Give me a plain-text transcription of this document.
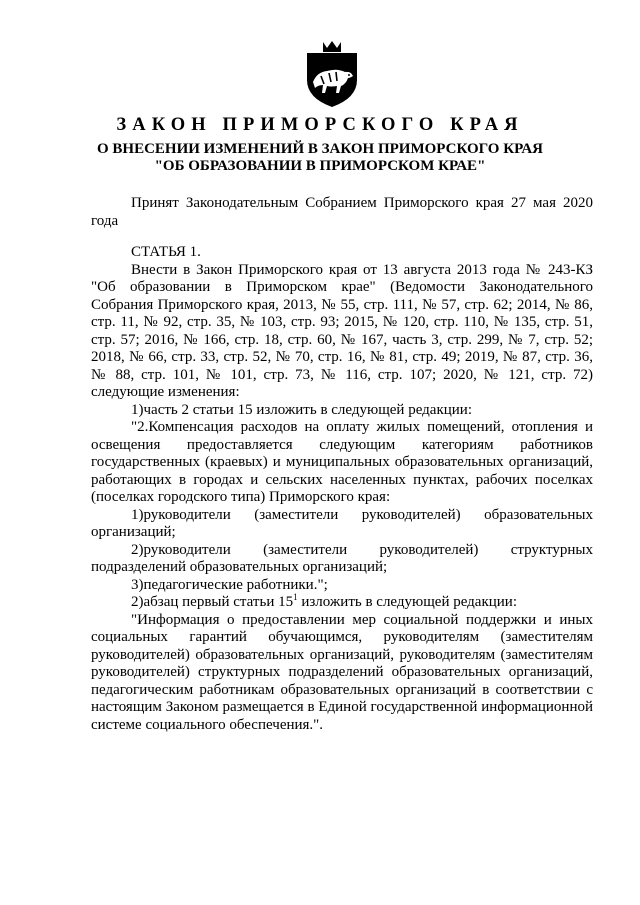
ЗАКОН ПРИМОРСКОГО КРАЯ
О ВНЕСЕНИИ ИЗМЕНЕНИЙ В ЗАКОН ПРИМОРСКОГО КРАЯ
"ОБ ОБРАЗОВАНИИ В ПРИМОРСКОМ КРАЕ"

Принят Законодательным Собранием Приморского края 27 мая 2020 года

СТАТЬЯ 1.

Внести в Закон Приморского края от 13 августа 2013 года № 243-КЗ "Об образовании в Приморском крае" (Ведомости Законодательного Собрания Приморского края, 2013, № 55, стр. 111, № 57, стр. 62; 2014, № 86, стр. 11, № 92, стр. 35, № 103, стр. 93; 2015, № 120, стр. 110, № 135, стр. 51, стр. 57; 2016, № 166, стр. 18, стр. 60, № 167, часть 3, стр. 299, № 7, стр. 52; 2018, № 66, стр. 33, стр. 52, № 70, стр. 16, № 81, стр. 49; 2019, № 87, стр. 36, № 88, стр. 101, № 101, стр. 73, № 116, стр. 107; 2020, № 121, стр. 72) следующие изменения:

1)часть 2 статьи 15 изложить в следующей редакции:

"2.Компенсация расходов на оплату жилых помещений, отопления и освещения предоставляется следующим категориям работников государственных (краевых) и муниципальных образовательных организаций, работающих в городах и сельских населенных пунктах, рабочих поселках (поселках городского типа) Приморского края:

1)руководители (заместители руководителей) образовательных организаций;

2)руководители (заместители руководителей) структурных подразделений образовательных организаций;

3)педагогические работники.";

2)абзац первый статьи $15^1$ изложить в следующей редакции:

"Информация о предоставлении мер социальной поддержки и иных социальных гарантий обучающимся, руководителям (заместителям руководителей) образовательных организаций, руководителям (заместителям руководителей) структурных подразделений образовательных организаций, педагогическим работникам образовательных организаций в соответствии с настоящим Законом размещается в Единой государственной информационной системе социального обеспечения.".
